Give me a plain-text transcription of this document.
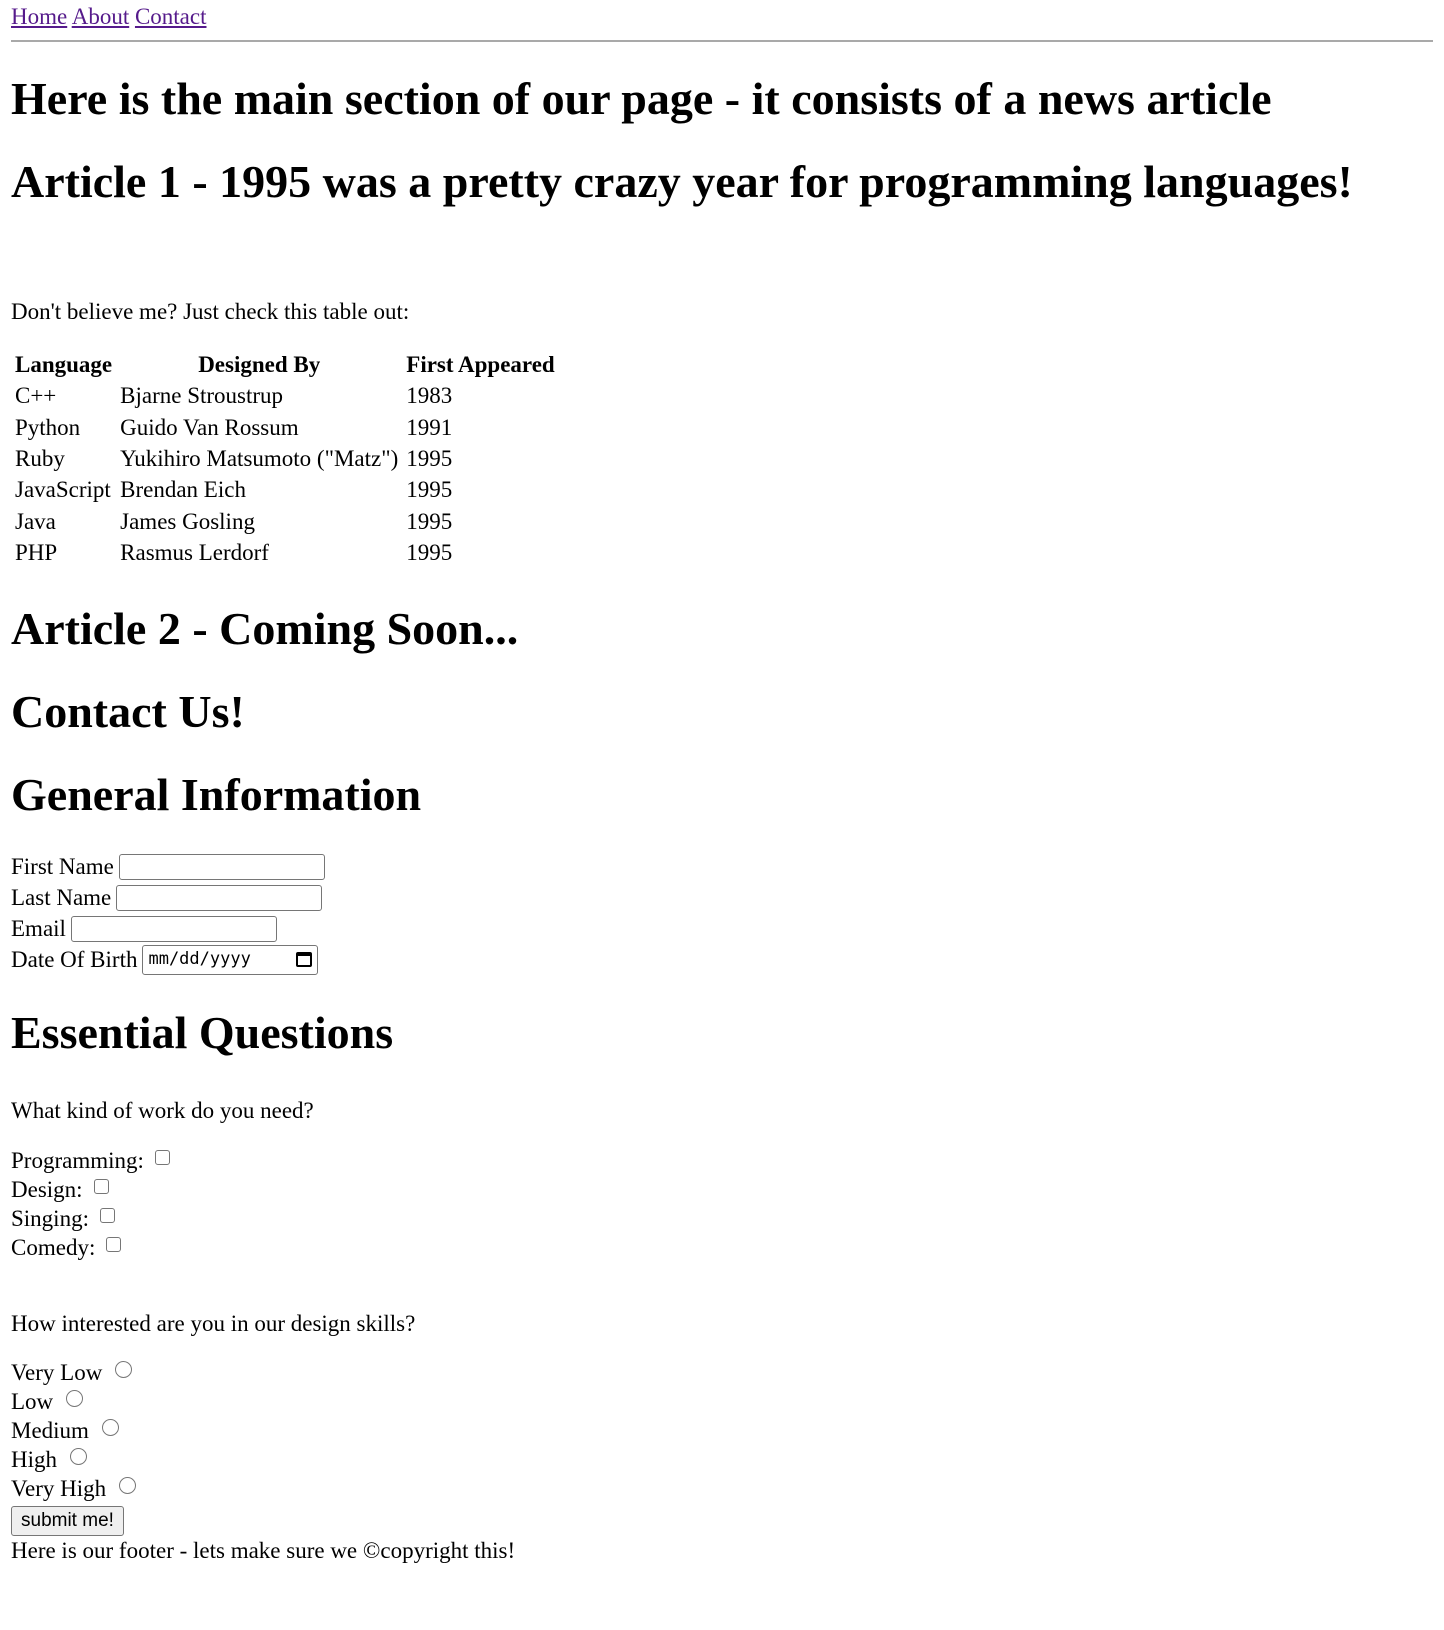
Home About Contact
Here is the main section of our page - it consists of a news article
Article 1 - 1995 was a pretty crazy year for programming languages!

Don't believe me? Just check this table out:

Language	Designed By	First Appeared
C++	Bjarne Stroustrup	1983
Python	Guido Van Rossum	1991
Ruby	Yukihiro Matsumoto ("Matz")	1995
JavaScript	Brendan Eich	1995
Java	James Gosling	1995
PHP	Rasmus Lerdorf	1995
Article 2 - Coming Soon...
Contact Us!
General Information
First Name
Last Name
Email
Date Of Birth mm/dd/yyyy
Essential Questions

What kind of work do you need?

Programming:
Design:
Singing:
Comedy:

How interested are you in our design skills?

Very Low
Low
Medium
High
Very High
submit me!
Here is our footer - lets make sure we ©copyright this!
